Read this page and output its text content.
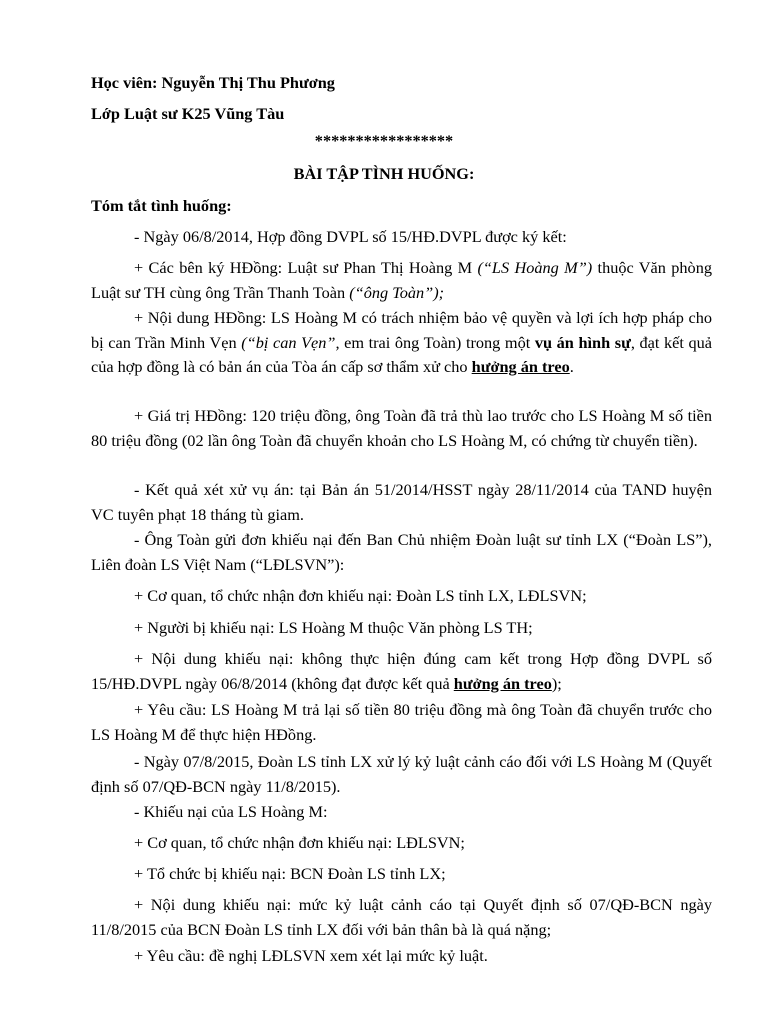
Học viên: Nguyễn Thị Thu Phương
Lớp Luật sư K25 Vũng Tàu
*****************
BÀI TẬP TÌNH HUỐNG:
Tóm tắt tình huống:
- Ngày 06/8/2014, Hợp đồng DVPL số 15/HĐ.DVPL được ký kết:
+ Các bên ký HĐồng: Luật sư Phan Thị Hoàng M (“LS Hoàng M”) thuộc Văn phòng Luật sư TH cùng ông Trần Thanh Toàn (“ông Toàn”);
+ Nội dung HĐồng: LS Hoàng M có trách nhiệm bảo vệ quyền và lợi ích hợp pháp cho bị can Trần Minh Vẹn (“bị can Vẹn”, em trai ông Toàn) trong một vụ án hình sự, đạt kết quả của hợp đồng là có bản án của Tòa án cấp sơ thẩm xử cho hưởng án treo.
+ Giá trị HĐồng: 120 triệu đồng, ông Toàn đã trả thù lao trước cho LS Hoàng M số tiền 80 triệu đồng (02 lần ông Toàn đã chuyển khoản cho LS Hoàng M, có chứng từ chuyển tiền).
- Kết quả xét xử vụ án: tại Bản án 51/2014/HSST ngày 28/11/2014 của TAND huyện VC tuyên phạt 18 tháng tù giam.
- Ông Toàn gửi đơn khiếu nại đến Ban Chủ nhiệm Đoàn luật sư tỉnh LX (“Đoàn LS”), Liên đoàn LS Việt Nam (“LĐLSVN”):
+ Cơ quan, tổ chức nhận đơn khiếu nại: Đoàn LS tỉnh LX, LĐLSVN;
+ Người bị khiếu nại: LS Hoàng M thuộc Văn phòng LS TH;
+ Nội dung khiếu nại: không thực hiện đúng cam kết trong Hợp đồng DVPL số 15/HĐ.DVPL ngày 06/8/2014 (không đạt được kết quả hưởng án treo);
+ Yêu cầu: LS Hoàng M trả lại số tiền 80 triệu đồng mà ông Toàn đã chuyển trước cho LS Hoàng M để thực hiện HĐồng.
- Ngày 07/8/2015, Đoàn LS tỉnh LX xử lý kỷ luật cảnh cáo đối với LS Hoàng M (Quyết định số 07/QĐ-BCN ngày 11/8/2015).
- Khiếu nại của LS Hoàng M:
+ Cơ quan, tổ chức nhận đơn khiếu nại: LĐLSVN;
+ Tổ chức bị khiếu nại: BCN Đoàn LS tỉnh LX;
+ Nội dung khiếu nại: mức kỷ luật cảnh cáo tại Quyết định số 07/QĐ-BCN ngày 11/8/2015 của BCN Đoàn LS tỉnh LX đối với bản thân bà là quá nặng;
+ Yêu cầu: đề nghị LĐLSVN xem xét lại mức kỷ luật.
